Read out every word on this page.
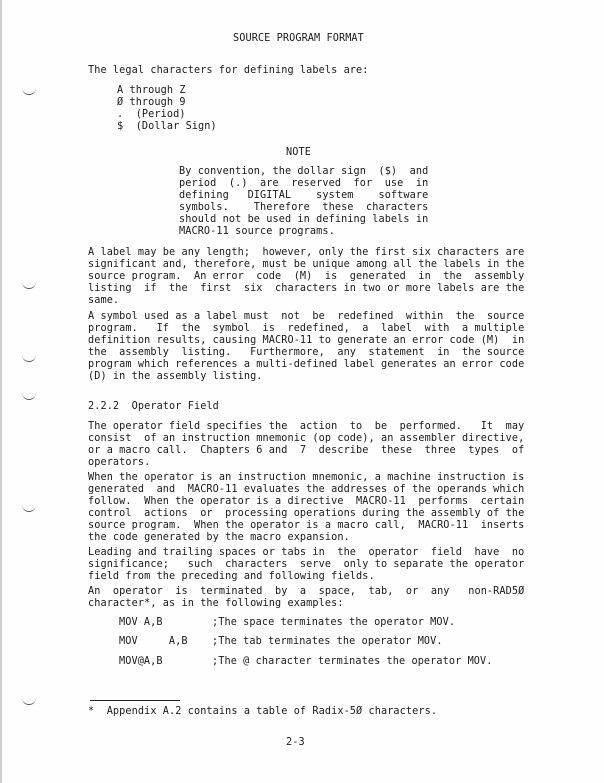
SOURCE PROGRAM FORMAT
The legal characters for defining labels are:
A through Z
Ø through 9
.  (Period)
$  (Dollar Sign)
NOTE
By convention, the dollar sign  ($)  and
period  (.)  are  reserved  for  use  in
defining   DIGITAL    system    software
symbols.    Therefore  these  characters
should not be used in defining labels in
MACRO-11 source programs.
A label may be any length;  however, only the first six characters are
significant and, therefore, must be unique among all the labels in the
source program.  An error  code  (M)  is  generated  in  the  assembly
listing  if  the  first  six  characters in two or more labels are the
same.
A symbol used as a label must  not  be  redefined  within  the  source
program.   If  the  symbol  is  redefined,  a  label  with  a multiple
definition results, causing MACRO-11 to generate an error code (M)  in
the  assembly  listing.   Furthermore,  any  statement  in  the source
program which references a multi-defined label generates an error code
(D) in the assembly listing.
2.2.2 Operator Field
The operator field specifies the  action  to  be  performed.   It  may
consist  of an instruction mnemonic (op code), an assembler directive,
or a macro call.  Chapters 6 and  7  describe  these  three  types  of
operators.
When the operator is an instruction mnemonic, a machine instruction is
generated  and  MACRO-11 evaluates the addresses of the operands which
follow.  When the operator is a directive  MACRO-11  performs  certain
control  actions  or  processing operations during the assembly of the
source program.  When the operator is a macro call,  MACRO-11  inserts
the code generated by the macro expansion.
Leading and trailing spaces or tabs in  the  operator  field  have  no
significance;   such  characters  serve  only to separate the operator
field from the preceding and following fields.
An  operator  is  terminated  by  a  space,  tab,  or  any   non-RAD5Ø
character*, as in the following examples:
MOV A,B	;The space terminates the operator MOV.
MOV     A,B ;The tab terminates the operator MOV.
MOV@A,B	;The @ character terminates the operator MOV.
*  Appendix A.2 contains a table of Radix-5Ø characters.
2-3
